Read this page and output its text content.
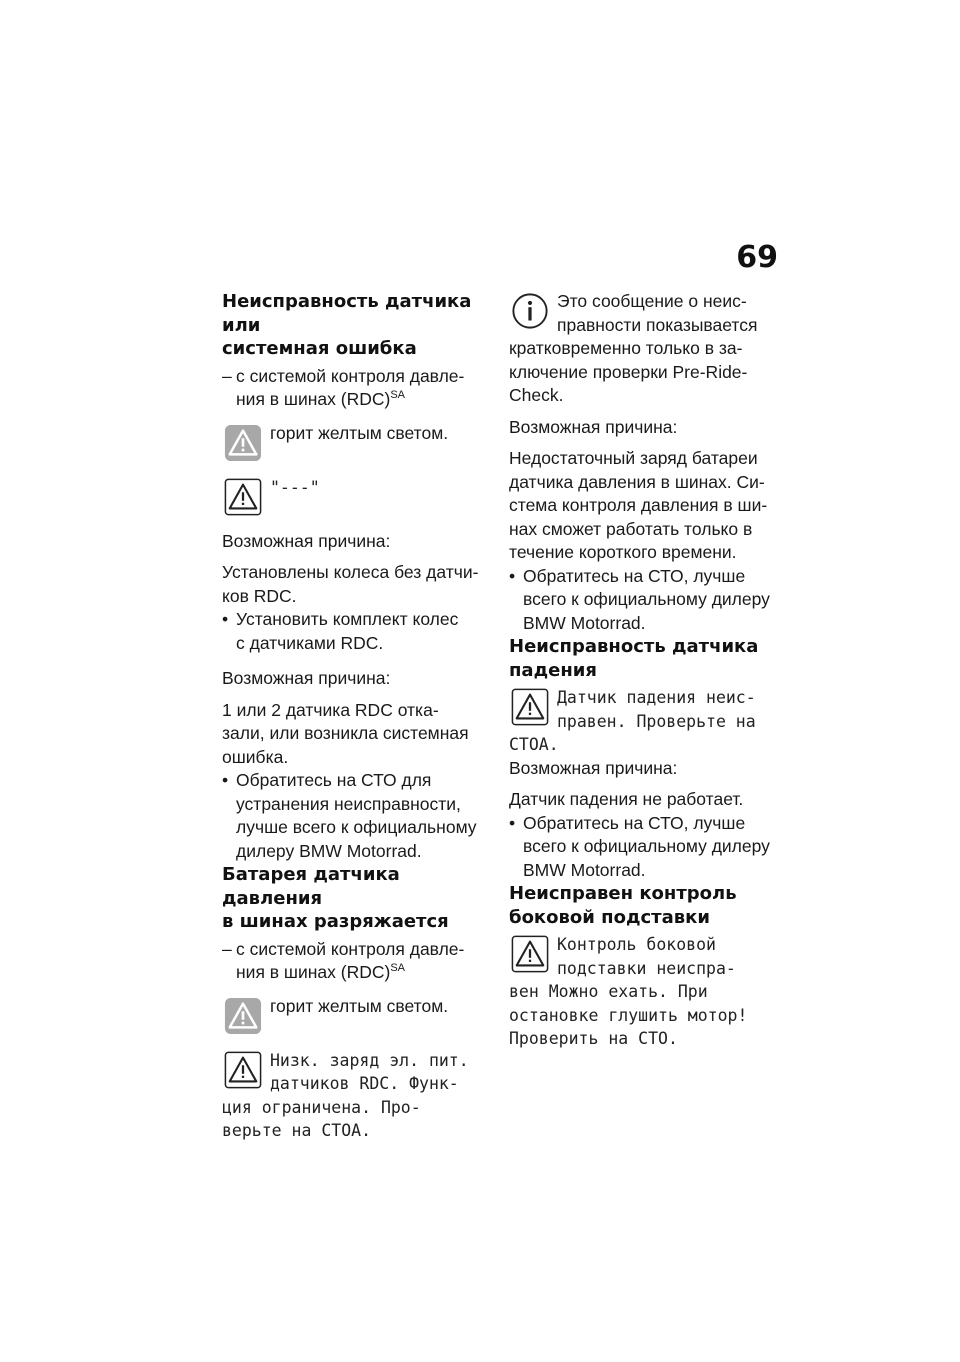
69
Неисправность датчика или
системная ошибка
– с системой контроля давле-
ния в шинах (RDC)$^{SA}$

горит желтым светом.

"---"

Возможная причина:

Установлены колеса без датчи-
ков RDC.

• Установить комплект колес
с датчиками RDC.

Возможная причина:

1 или 2 датчика RDC отка-
зали, или возникла системная
ошибка.

• Обратитесь на СТО для
устранения неисправности,
лучше всего к официальному
дилеру BMW Motorrad.
Батарея датчика давления
в шинах разряжается
– с системой контроля давле-
ния в шинах (RDC)$^{SA}$

горит желтым светом.

Низк. заряд эл. пит.
датчиков RDC. Функ-
ция ограничена. Про-
верьте на СТОА.

Это сообщение о неис-
правности показывается
кратковременно только в за-
ключение проверки Pre-Ride-
Check.

Возможная причина:

Недостаточный заряд батареи
датчика давления в шинах. Си-
стема контроля давления в ши-
нах сможет работать только в
течение короткого времени.

• Обратитесь на СТО, лучше
всего к официальному дилеру
BMW Motorrad.
Неисправность датчика
падения
Датчик падения неис-
правен. Проверьте на
СТОА.

Возможная причина:

Датчик падения не работает.

• Обратитесь на СТО, лучше
всего к официальному дилеру
BMW Motorrad.
Неисправен контроль
боковой подставки
Контроль боковой
подставки неиспра-
вен Можно ехать. При
остановке глушить мотор!
Проверить на СТО.
